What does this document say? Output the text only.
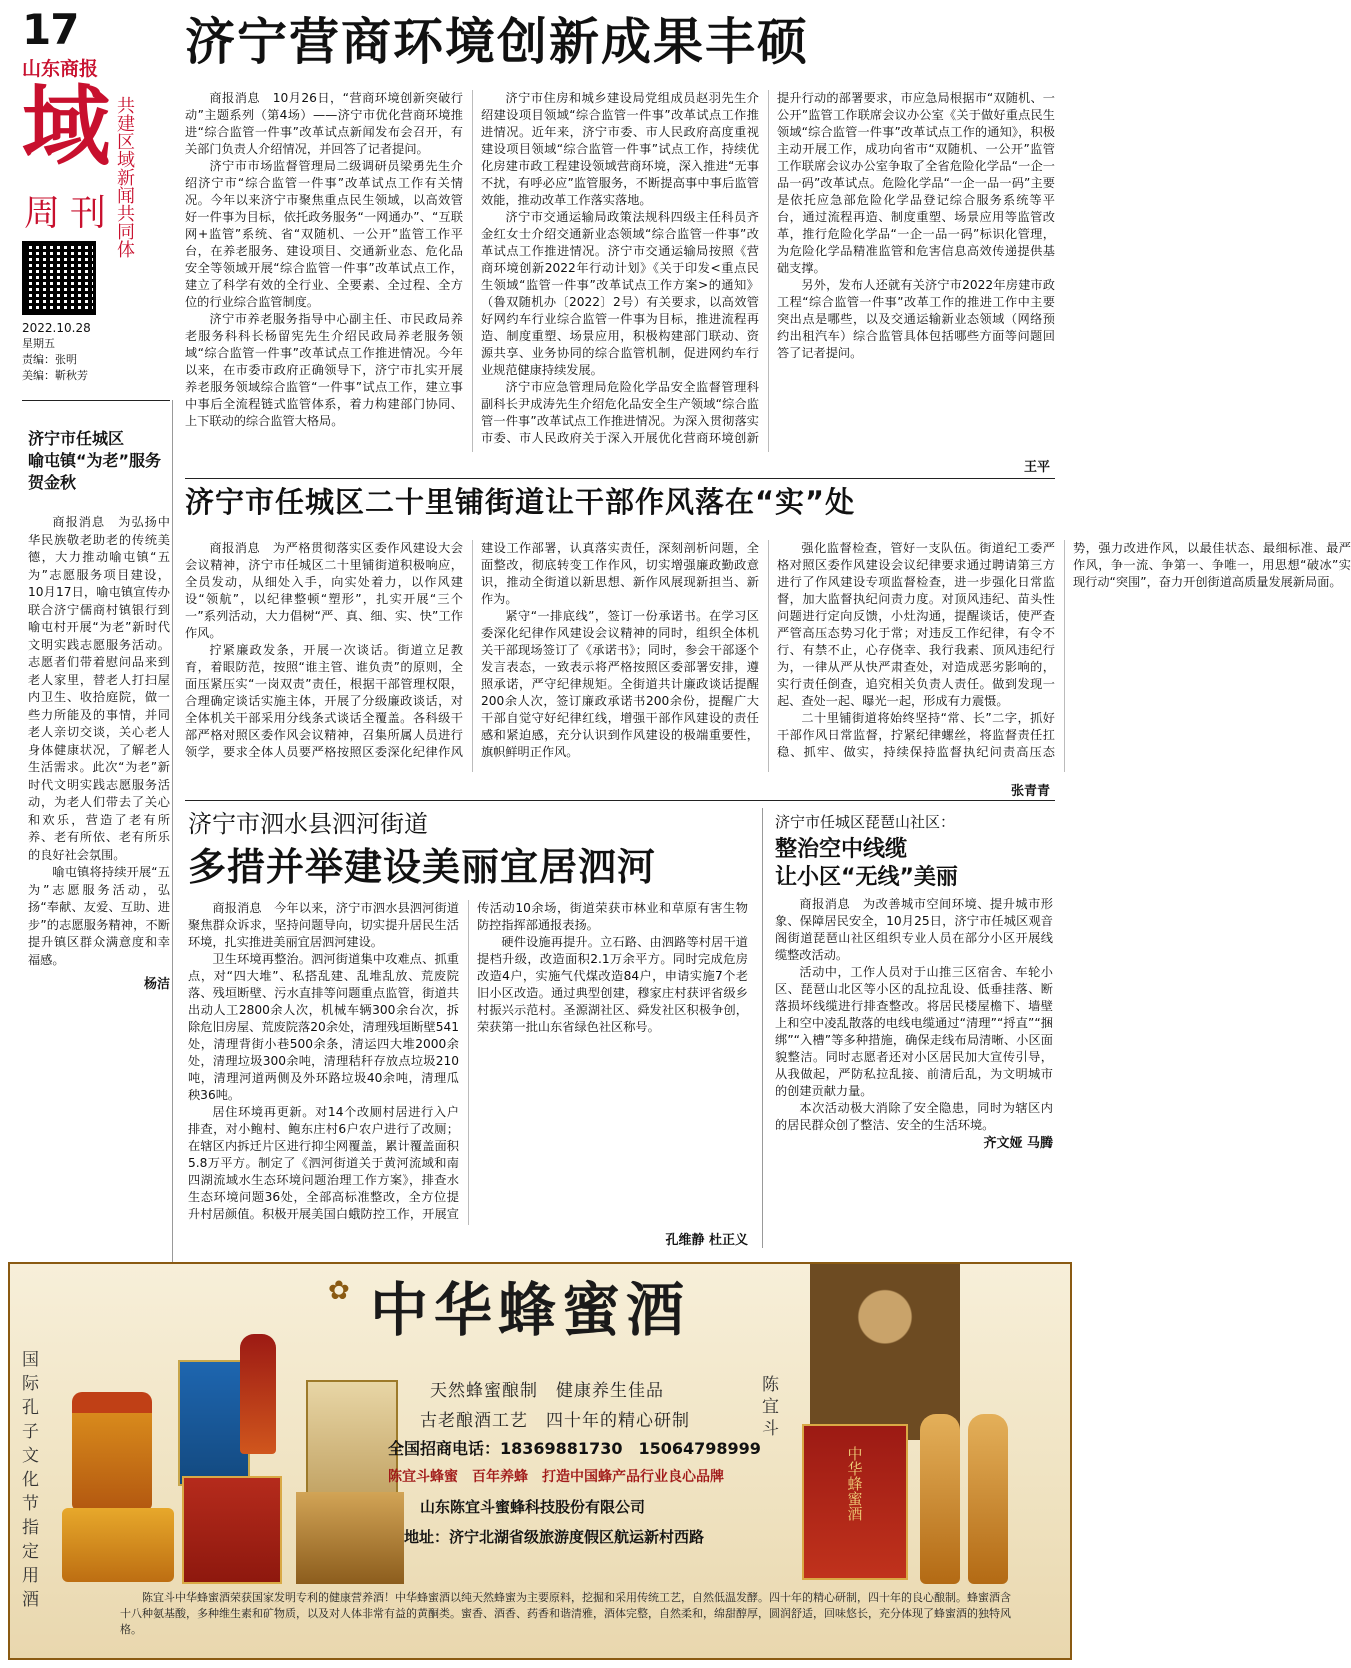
17
山东商报
域
周刊
共建区域新闻共同体
2022.10.28
星期五
责编：张明
美编：靳秋芳
济宁营商环境创新成果丰硕

商报消息　10月26日，“营商环境创新突破行动”主题系列（第4场）——济宁市优化营商环境推进“综合监管一件事”改革试点新闻发布会召开，有关部门负责人介绍情况，并回答了记者提问。

济宁市市场监督管理局二级调研员梁勇先生介绍济宁市“综合监管一件事”改革试点工作有关情况。今年以来济宁市聚焦重点民生领域，以高效管好一件事为目标，依托政务服务“一网通办”、“互联网+监管”系统、省“双随机、一公开”监管工作平台，在养老服务、建设项目、交通新业态、危化品安全等领域开展“综合监管一件事”改革试点工作，建立了科学有效的全行业、全要素、全过程、全方位的行业综合监管制度。

济宁市养老服务指导中心副主任、市民政局养老服务科科长杨留宪先生介绍民政局养老服务领域“综合监管一件事”改革试点工作推进情况。今年以来，在市委市政府正确领导下，济宁市扎实开展养老服务领域综合监管“一件事”试点工作，建立事中事后全流程链式监管体系，着力构建部门协同、上下联动的综合监管大格局。

济宁市住房和城乡建设局党组成员赵羽先生介绍建设项目领域“综合监管一件事”改革试点工作推进情况。近年来，济宁市委、市人民政府高度重视建设项目领域“综合监管一件事”试点工作，持续优化房建市政工程建设领域营商环境，深入推进“无事不扰，有呼必应”监管服务，不断提高事中事后监管效能，推动改革工作落实落地。

济宁市交通运输局政策法规科四级主任科员齐金红女士介绍交通新业态领域“综合监管一件事”改革试点工作推进情况。济宁市交通运输局按照《营商环境创新2022年行动计划》《关于印发<重点民生领域“监管一件事”改革试点工作方案>的通知》（鲁双随机办〔2022〕2号）有关要求，以高效管好网约车行业综合监管一件事为目标，推进流程再造、制度重塑、场景应用，积极构建部门联动、资源共享、业务协同的综合监管机制，促进网约车行业规范健康持续发展。

济宁市应急管理局危险化学品安全监督管理科副科长尹成涛先生介绍危化品安全生产领域“综合监管一件事”改革试点工作推进情况。为深入贯彻落实市委、市人民政府关于深入开展优化营商环境创新提升行动的部署要求，市应急局根据市“双随机、一公开”监管工作联席会议办公室《关于做好重点民生领域“综合监管一件事”改革试点工作的通知》，积极主动开展工作，成功向省市“双随机、一公开”监管工作联席会议办公室争取了全省危险化学品“一企一品一码”改革试点。危险化学品“一企一品一码”主要是依托应急部危险化学品登记综合服务系统等平台，通过流程再造、制度重塑、场景应用等监管改革，推行危险化学品“一企一品一码”标识化管理，为危险化学品精准监管和危害信息高效传递提供基础支撑。

另外，发布人还就有关济宁市2022年房建市政工程“综合监管一件事”改革工作的推进工作中主要突出点是哪些，以及交通运输新业态领域（网络预约出租汽车）综合监管具体包括哪些方面等问题回答了记者提问。

王平
济宁市任城区
喻屯镇“为老”服务贺金秋

商报消息　为弘扬中华民族敬老助老的传统美德，大力推动喻屯镇“五为”志愿服务项目建设，10月17日，喻屯镇宣传办联合济宁儒商村镇银行到喻屯村开展“为老”新时代文明实践志愿服务活动。志愿者们带着慰问品来到老人家里，替老人打扫屋内卫生、收拾庭院，做一些力所能及的事情，并同老人亲切交谈，关心老人身体健康状况，了解老人生活需求。此次“为老”新时代文明实践志愿服务活动，为老人们带去了关心和欢乐，营造了老有所养、老有所依、老有所乐的良好社会氛围。

喻屯镇将持续开展“五为”志愿服务活动，弘扬“奉献、友爱、互助、进步”的志愿服务精神，不断提升镇区群众满意度和幸福感。

杨洁
济宁市任城区二十里铺街道让干部作风落在“实”处

商报消息　为严格贯彻落实区委作风建设大会会议精神，济宁市任城区二十里铺街道积极响应，全员发动，从细处入手，向实处着力，以作风建设“领航”，以纪律整顿“塑形”，扎实开展“三个一”系列活动，大力倡树“严、真、细、实、快”工作作风。

拧紧廉政发条，开展一次谈话。街道立足教育，着眼防范，按照“谁主管、谁负责”的原则，全面压紧压实“一岗双责”责任，根据干部管理权限，合理确定谈话实施主体，开展了分级廉政谈话，对全体机关干部采用分线条式谈话全覆盖。各科级干部严格对照区委作风会议精神，召集所属人员进行领学，要求全体人员要严格按照区委深化纪律作风建设工作部署，认真落实责任，深刻剖析问题，全面整改，彻底转变工作作风，切实增强廉政勤政意识，推动全街道以新思想、新作风展现新担当、新作为。

紧守“一排底线”，签订一份承诺书。在学习区委深化纪律作风建设会议精神的同时，组织全体机关干部现场签订了《承诺书》；同时，参会干部逐个发言表态，一致表示将严格按照区委部署安排，遵照承诺，严守纪律规矩。全街道共计廉政谈话提醒200余人次，签订廉政承诺书200余份，提醒广大干部自觉守好纪律红线，增强干部作风建设的责任感和紧迫感，充分认识到作风建设的极端重要性，旗帜鲜明正作风。

强化监督检查，管好一支队伍。街道纪工委严格对照区委作风建设会议纪律要求通过聘请第三方进行了作风建设专项监督检查，进一步强化日常监督，加大监督执纪问责力度。对顶风违纪、苗头性问题进行定向反馈，小灶沟通，提醒谈话，使严查严管高压态势习化于常；对违反工作纪律，有令不行、有禁不止，心存侥幸、我行我素、顶风违纪行为，一律从严从快严肃查处，对造成恶劣影响的，实行责任倒查，追究相关负责人责任。做到发现一起、查处一起、曝光一起，形成有力震慑。

二十里铺街道将始终坚持“常、长”二字，抓好干部作风日常监督，拧紧纪律螺丝，将监督责任扛稳、抓牢、做实，持续保持监督执纪问责高压态势，强力改进作风，以最佳状态、最细标准、最严作风，争一流、争第一、争唯一，用思想“破冰”实现行动“突围”，奋力开创街道高质量发展新局面。

张青青
济宁市泗水县泗河街道
多措并举建设美丽宜居泗河

商报消息　今年以来，济宁市泗水县泗河街道聚焦群众诉求，坚持问题导向，切实提升居民生活环境，扎实推进美丽宜居泗河建设。

卫生环境再整治。泗河街道集中攻难点、抓重点，对“四大堆”、私搭乱建、乱堆乱放、荒废院落、残垣断壁、污水直排等问题重点监管，街道共出动人工2800余人次，机械车辆300余台次，拆除危旧房屋、荒废院落20余处，清理残垣断壁541处，清理背街小巷500余条，清运四大堆2000余处，清理垃圾300余吨，清理秸秆存放点垃圾210吨，清理河道两侧及外环路垃圾40余吨，清理瓜秧36吨。

居住环境再更新。对14个改厕村居进行入户排查，对小鲍村、鲍东庄村6户农户进行了改厕；在辖区内拆迁片区进行抑尘网覆盖，累计覆盖面积5.8万平方。制定了《泗河街道关于黄河流域和南四湖流域水生态环境问题治理工作方案》，排查水生态环境问题36处，全部高标准整改，全方位提升村居颜值。积极开展美国白蛾防控工作，开展宣传活动10余场，街道荣获市林业和草原有害生物防控指挥部通报表扬。

硬件设施再提升。立石路、由泗路等村居干道提档升级，改造面积2.1万余平方。同时完成危房改造4户，实施气代煤改造84户，申请实施7个老旧小区改造。通过典型创建，穆家庄村获评省级乡村振兴示范村。圣源湖社区、舜发社区积极争创，荣获第一批山东省绿色社区称号。

孔维静 杜正义
济宁市任城区琵琶山社区：
整治空中线缆
让小区“无线”美丽

商报消息　为改善城市空间环境、提升城市形象、保障居民安全，10月25日，济宁市任城区观音阁街道琵琶山社区组织专业人员在部分小区开展线缆整改活动。

活动中，工作人员对于山推三区宿舍、车轮小区、琵琶山北区等小区的乱拉乱设、低垂挂落、断落损坏线缆进行排查整改。将居民楼屋檐下、墙壁上和空中凌乱散落的电线电缆通过“清理”“捋直”“捆绑”“入槽”等多种措施，确保走线布局清晰、小区面貌整洁。同时志愿者还对小区居民加大宣传引导，从我做起，严防私拉乱接、前清后乱，为文明城市的创建贡献力量。

本次活动极大消除了安全隐患，同时为辖区内的居民群众创了整洁、安全的生活环境。

齐文娅 马腾
国际孔子文化节指定用酒
✿ 中华蜂蜜酒
天然蜂蜜酿制　健康养生佳品
古老酿酒工艺　四十年的精心研制
全国招商电话：18369881730　15064798999
陈宜斗蜂蜜　百年养蜂　打造中国蜂产品行业良心品牌
山东陈宜斗蜜蜂科技股份有限公司
地址：济宁北湖省级旅游度假区航运新村西路
陈宜斗
中华蜂蜜酒
陈宜斗中华蜂蜜酒荣获国家发明专利的健康营养酒！中华蜂蜜酒以纯天然蜂蜜为主要原料，挖掘和采用传统工艺，自然低温发酵。四十年的精心研制，四十年的良心酿制。蜂蜜酒含十八种氨基酸，多种维生素和矿物质，以及对人体非常有益的黄酮类。蜜香、酒香、药香和谐清雅，酒体完整，自然柔和，绵甜醇厚，圆润舒适，回味悠长，充分体现了蜂蜜酒的独特风格。
